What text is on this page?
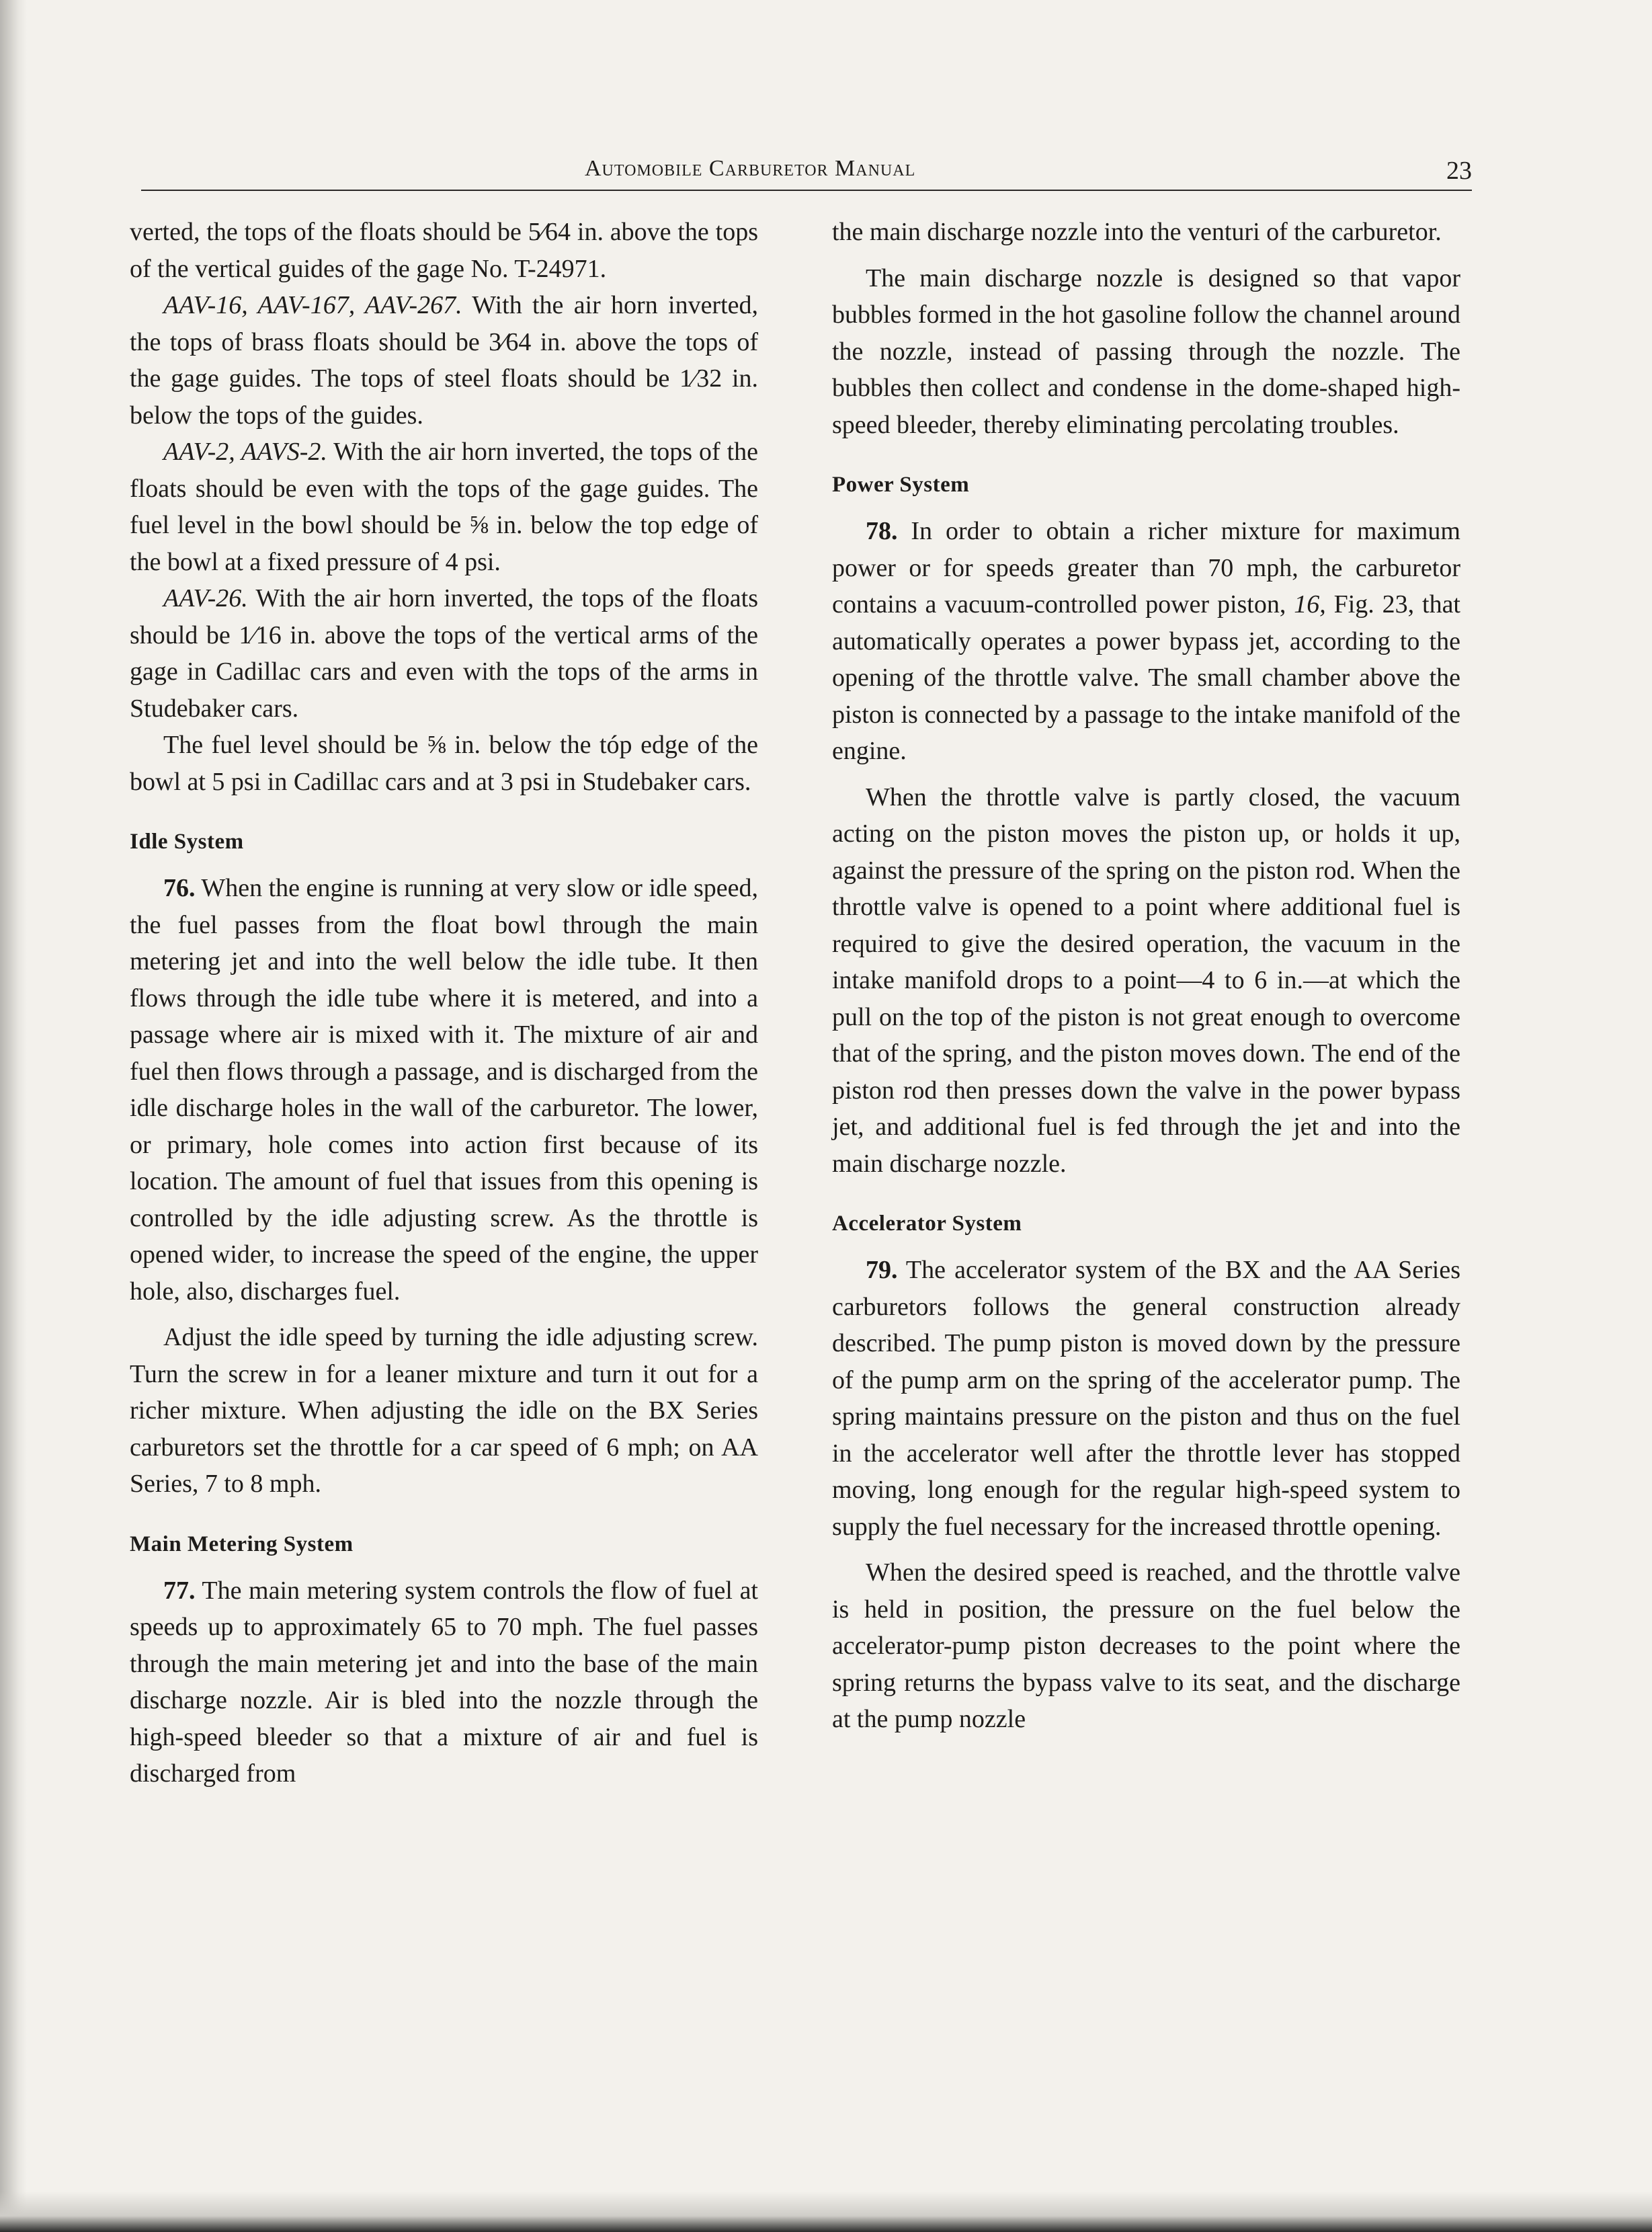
Automobile Carburetor Manual	23

verted, the tops of the floats should be 5⁄64 in. above the tops of the vertical guides of the gage No. T-24971.

AAV-16, AAV-167, AAV-267. With the air horn inverted, the tops of brass floats should be 3⁄64 in. above the tops of the gage guides. The tops of steel floats should be 1⁄32 in. below the tops of the guides.

AAV-2, AAVS-2. With the air horn inverted, the tops of the floats should be even with the tops of the gage guides. The fuel level in the bowl should be ⅝ in. below the top edge of the bowl at a fixed pressure of 4 psi.

AAV-26. With the air horn inverted, the tops of the floats should be 1⁄16 in. above the tops of the vertical arms of the gage in Cadillac cars and even with the tops of the arms in Studebaker cars.

The fuel level should be ⅝ in. below the tóp edge of the bowl at 5 psi in Cadillac cars and at 3 psi in Studebaker cars.

Idle System

76. When the engine is running at very slow or idle speed, the fuel passes from the float bowl through the main metering jet and into the well below the idle tube. It then flows through the idle tube where it is metered, and into a passage where air is mixed with it. The mixture of air and fuel then flows through a passage, and is discharged from the idle discharge holes in the wall of the carburetor. The lower, or primary, hole comes into action first because of its location. The amount of fuel that issues from this opening is controlled by the idle adjusting screw. As the throttle is opened wider, to increase the speed of the engine, the upper hole, also, discharges fuel.

Adjust the idle speed by turning the idle adjusting screw. Turn the screw in for a leaner mixture and turn it out for a richer mixture. When adjusting the idle on the BX Series carburetors set the throttle for a car speed of 6 mph; on AA Series, 7 to 8 mph.

Main Metering System

77. The main metering system controls the flow of fuel at speeds up to approximately 65 to 70 mph. The fuel passes through the main metering jet and into the base of the main discharge nozzle. Air is bled into the nozzle through the high-speed bleeder so that a mixture of air and fuel is discharged from

the main discharge nozzle into the venturi of the carburetor.

The main discharge nozzle is designed so that vapor bubbles formed in the hot gasoline follow the channel around the nozzle, instead of passing through the nozzle. The bubbles then collect and condense in the dome-shaped high-speed bleeder, thereby eliminating percolating troubles.

Power System

78. In order to obtain a richer mixture for maximum power or for speeds greater than 70 mph, the carburetor contains a vacuum-controlled power piston, 16, Fig. 23, that automatically operates a power bypass jet, according to the opening of the throttle valve. The small chamber above the piston is connected by a passage to the intake manifold of the engine.

When the throttle valve is partly closed, the vacuum acting on the piston moves the piston up, or holds it up, against the pressure of the spring on the piston rod. When the throttle valve is opened to a point where additional fuel is required to give the desired operation, the vacuum in the intake manifold drops to a point—4 to 6 in.—at which the pull on the top of the piston is not great enough to overcome that of the spring, and the piston moves down. The end of the piston rod then presses down the valve in the power bypass jet, and additional fuel is fed through the jet and into the main discharge nozzle.

Accelerator System

79. The accelerator system of the BX and the AA Series carburetors follows the general construction already described. The pump piston is moved down by the pressure of the pump arm on the spring of the accelerator pump. The spring maintains pressure on the piston and thus on the fuel in the accelerator well after the throttle lever has stopped moving, long enough for the regular high-speed system to supply the fuel necessary for the increased throttle opening.

When the desired speed is reached, and the throttle valve is held in position, the pressure on the fuel below the accelerator-pump piston decreases to the point where the spring returns the bypass valve to its seat, and the discharge at the pump nozzle
